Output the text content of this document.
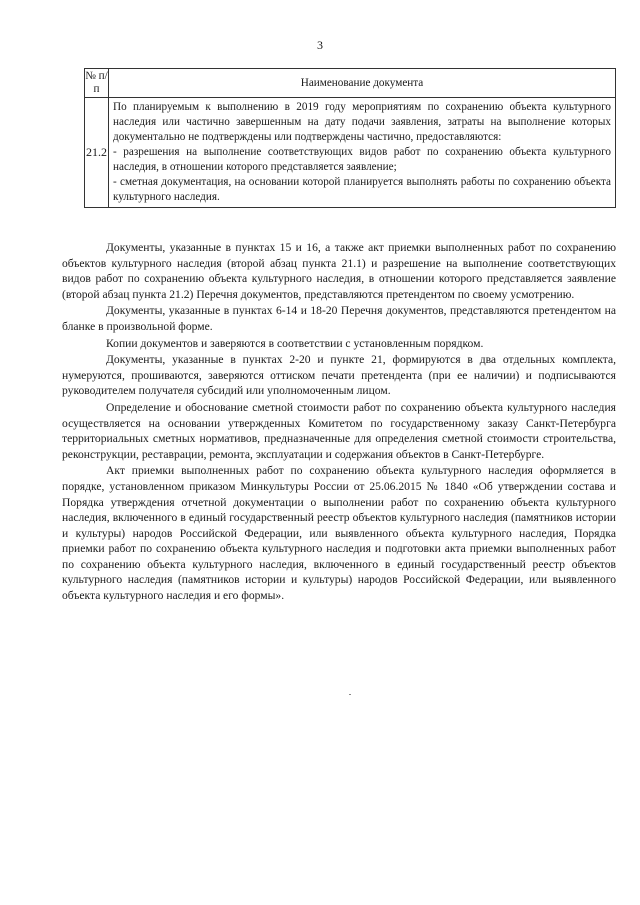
3
№ п/п	Наименование документа
21.2	По планируемым к выполнению в 2019 году мероприятиям по сохранению объекта культурного наследия или частично завершенным на дату подачи заявления, затраты на выполнение которых документально не подтверждены или подтверждены частично, предоставляются:

- разрешения на выполнение соответствующих видов работ по сохранению объекта культурного наследия, в отношении которого представляется заявление;

- сметная документация, на основании которой планируется выполнять работы по сохранению объекта культурного наследия.

Документы, указанные в пунктах 15 и 16, а также акт приемки выполненных работ по сохранению объектов культурного наследия (второй абзац пункта 21.1) и разрешение на выполнение соответствующих видов работ по сохранению объекта культурного наследия, в отношении которого представляется заявление (второй абзац пункта 21.2) Перечня документов, представляются претендентом по своему усмотрению.

Документы, указанные в пунктах 6-14 и 18-20 Перечня документов, представляются претендентом на бланке в произвольной форме.

Копии документов и заверяются в соответствии с установленным порядком.

Документы, указанные в пунктах 2-20 и пункте 21, формируются в два отдельных комплекта, нумеруются, прошиваются, заверяются оттиском печати претендента (при ее наличии) и подписываются руководителем получателя субсидий или уполномоченным лицом.

Определение и обоснование сметной стоимости работ по сохранению объекта культурного наследия осуществляется на основании утвержденных Комитетом по государственному заказу Санкт-Петербурга территориальных сметных нормативов, предназначенные для определения сметной стоимости строительства, реконструкции, реставрации, ремонта, эксплуатации и содержания объектов в Санкт-Петербурге.

Акт приемки выполненных работ по сохранению объекта культурного наследия оформляется в порядке, установленном приказом Минкультуры России от 25.06.2015 № 1840 «Об утверждении состава и Порядка утверждения отчетной документации о выполнении работ по сохранению объекта культурного наследия, включенного в единый государственный реестр объектов культурного наследия (памятников истории и культуры) народов Российской Федерации, или выявленного объекта культурного наследия, Порядка приемки работ по сохранению объекта культурного наследия и подготовки акта приемки выполненных работ по сохранению объекта культурного наследия, включенного в единый государственный реестр объектов культурного наследия (памятников истории и культуры) народов Российской Федерации, или выявленного объекта культурного наследия и его формы».
